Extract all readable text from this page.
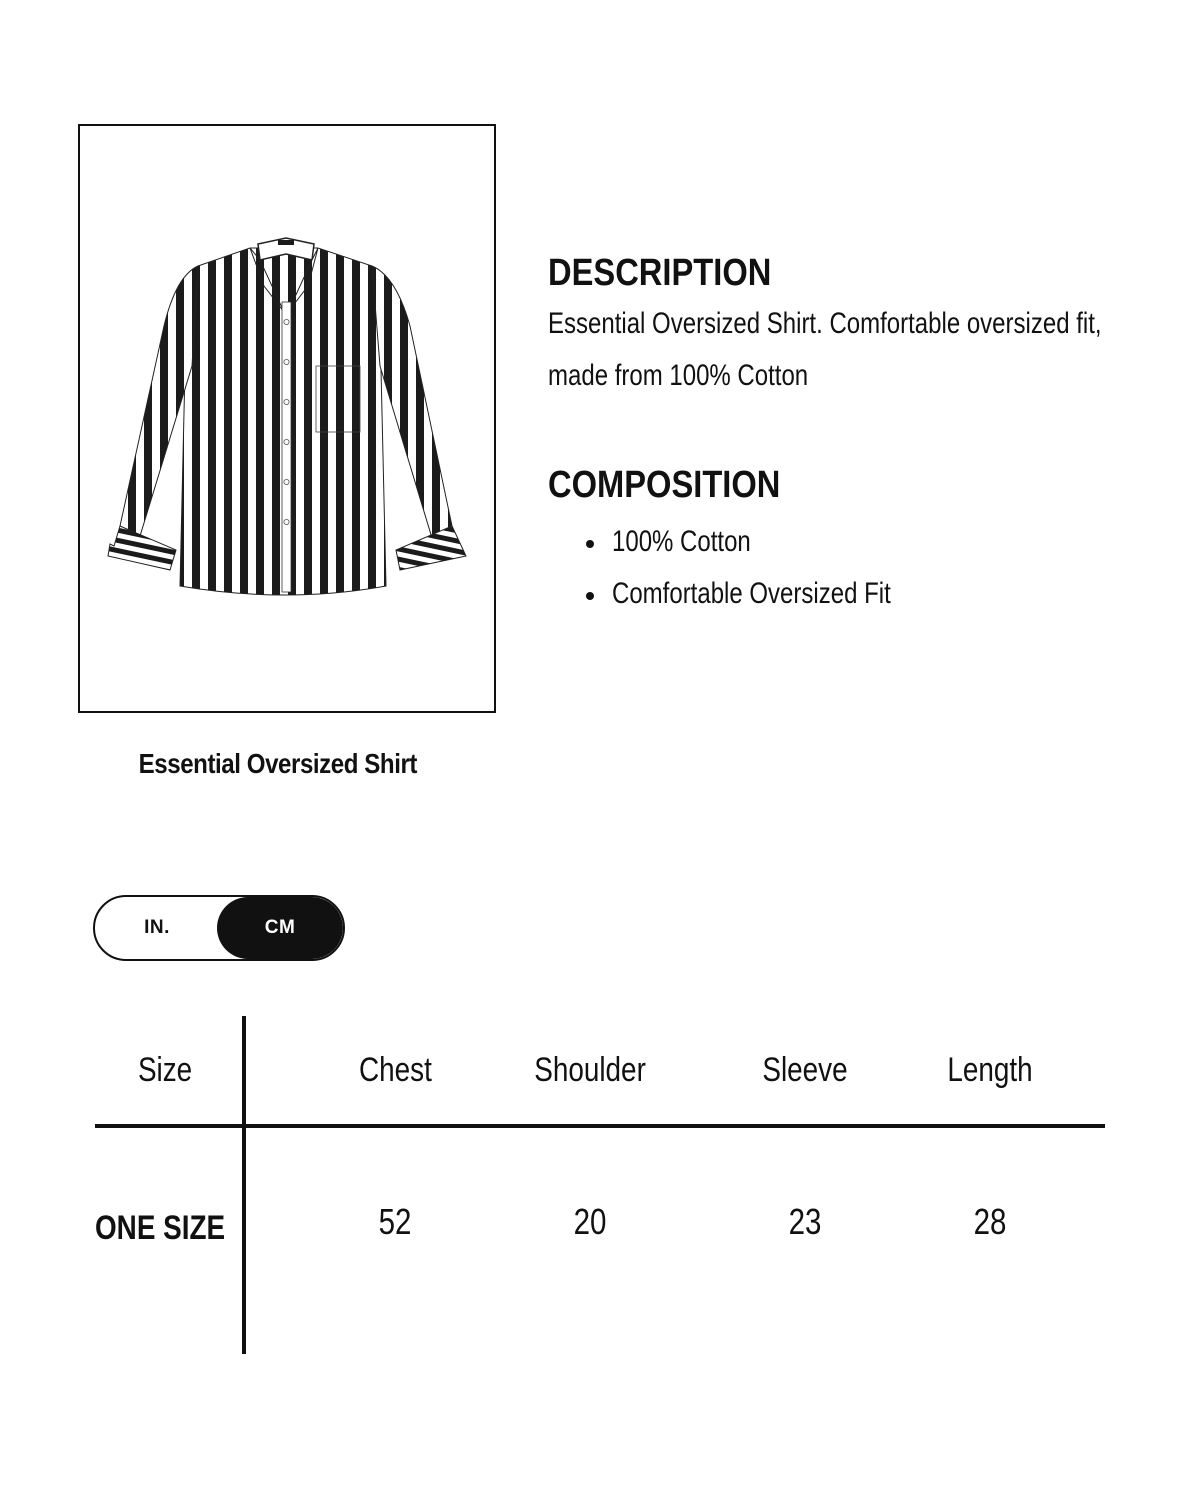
Essential Oversized Shirt
DESCRIPTION

Essential Oversized Shirt. Comfortable oversized fit,
made from 100% Cotton

COMPOSITION
100% Cotton
Comfortable Oversized Fit
IN.	CM
Size	Chest	Shoulder	Sleeve	Length
ONE SIZE	52	20	23	28
